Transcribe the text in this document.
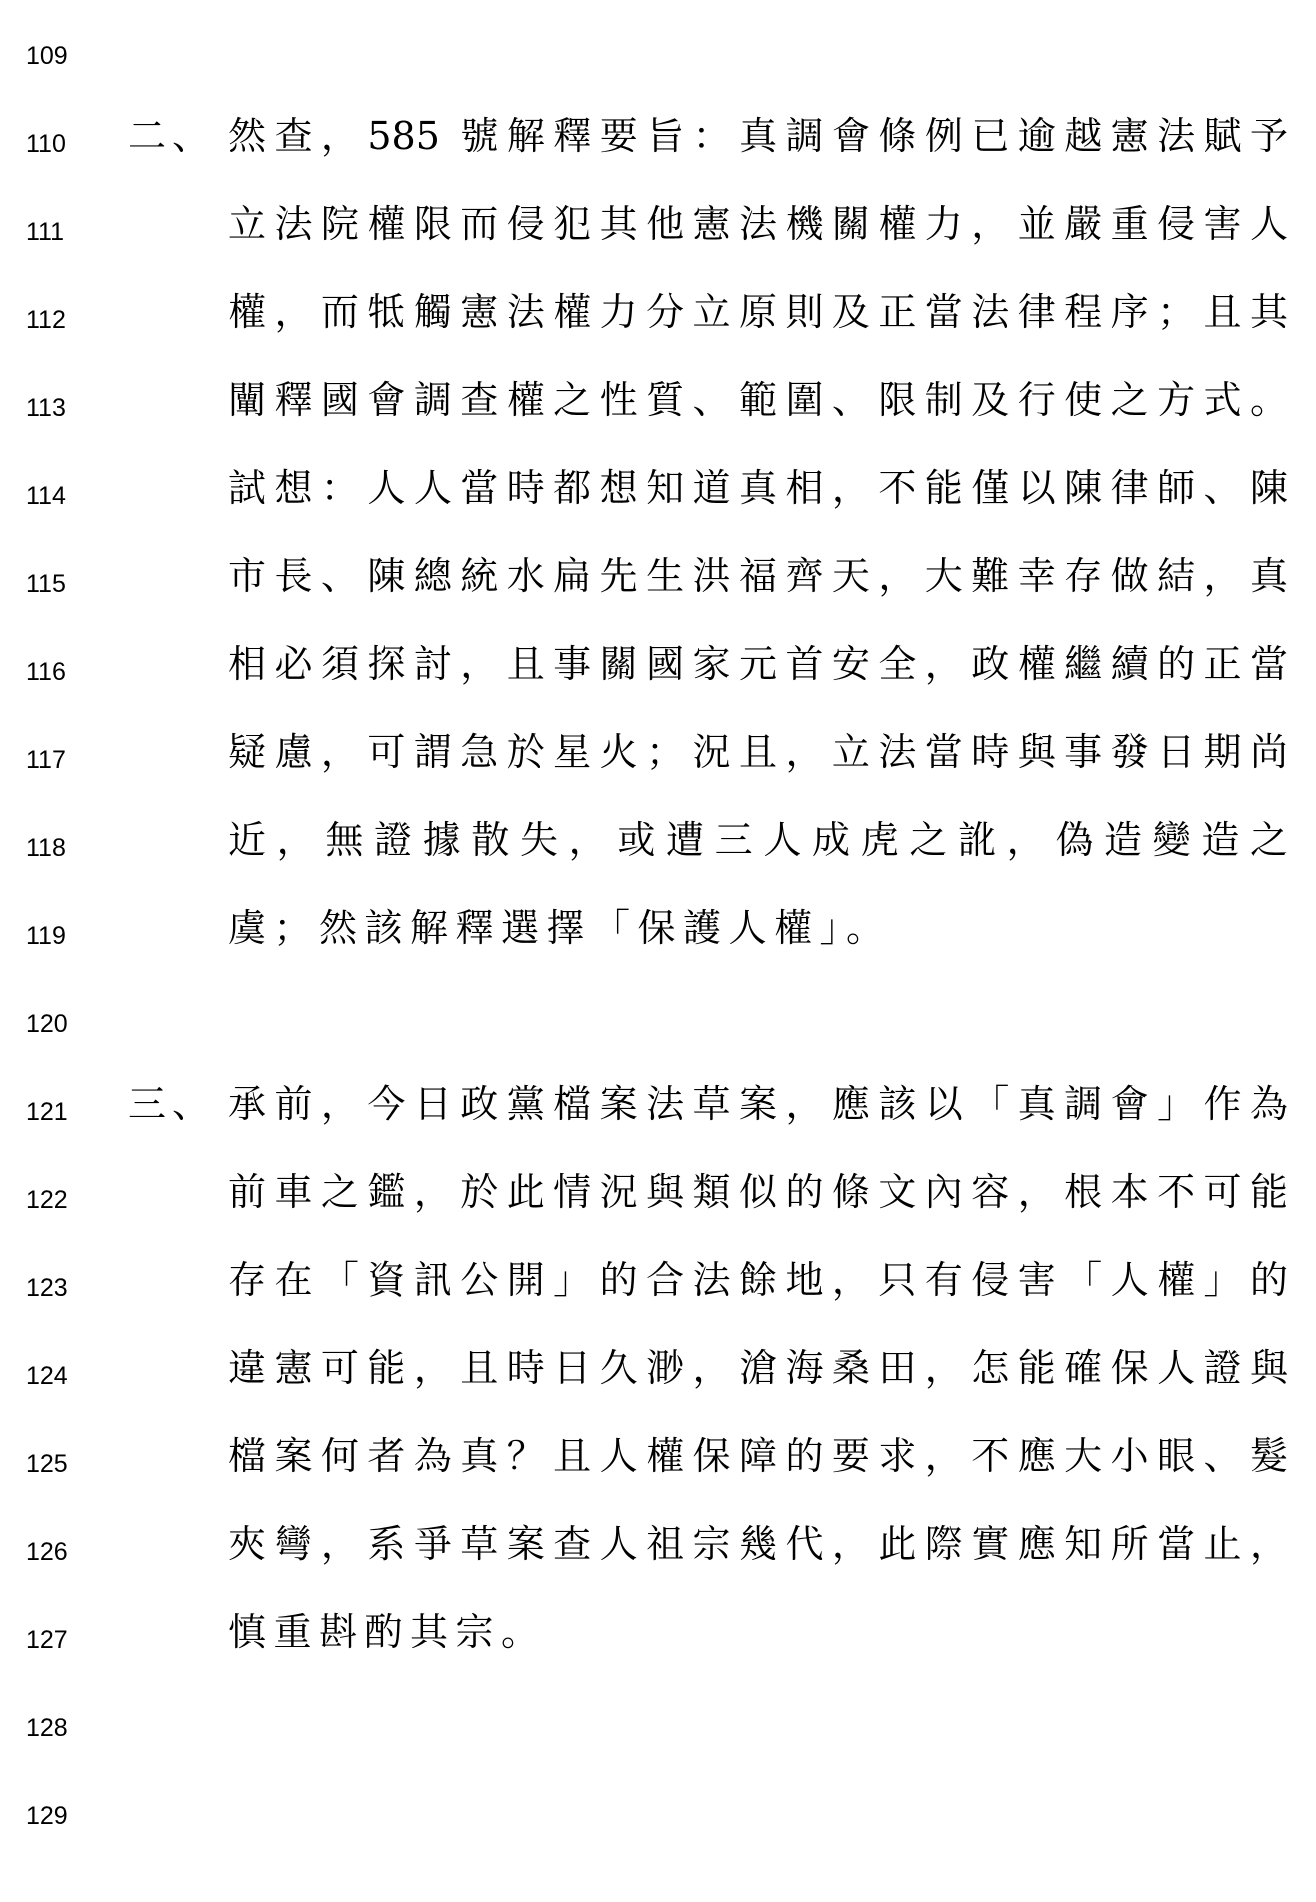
109
110 二、 然查，585 號解釋要旨：真調會條例已逾越憲法賦予
111	立法院權限而侵犯其他憲法機關權力，並嚴重侵害人
112	權，而牴觸憲法權力分立原則及正當法律程序；且其
113	闡釋國會調查權之性質、範圍、限制及行使之方式。
114	試想：人人當時都想知道真相，不能僅以陳律師、陳
115	市長、陳總統水扁先生洪福齊天，大難幸存做結，真
116	相必須探討，且事關國家元首安全，政權繼續的正當
117	疑慮，可謂急於星火；況且，立法當時與事發日期尚
118	近，無證據散失，或遭三人成虎之訛，偽造變造之
119	虞；然該解釋選擇「保護人權」。
120
121 三、 承前，今日政黨檔案法草案，應該以「真調會」作為
122	前車之鑑，於此情況與類似的條文內容，根本不可能
123	存在「資訊公開」的合法餘地，只有侵害「人權」的
124	違憲可能，且時日久渺，滄海桑田，怎能確保人證與
125	檔案何者為真？且人權保障的要求，不應大小眼、髮
126	夾彎，系爭草案查人祖宗幾代，此際實應知所當止，
127	慎重斟酌其宗。
128
129
